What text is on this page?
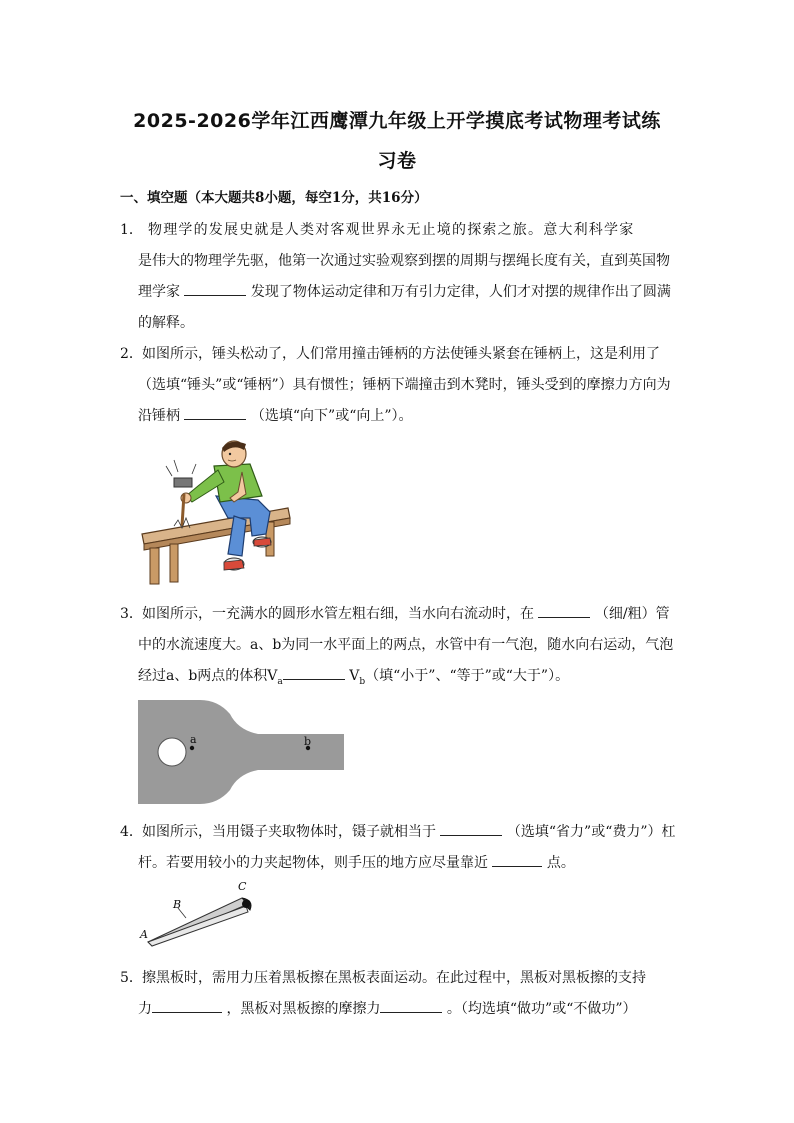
2025-2026学年江西鹰潭九年级上开学摸底考试物理考试练
习卷
一、填空题（本大题共8小题，每空1分，共16分）
1． 物理学的发展史就是人类对客观世界永无止境的探索之旅。意大利科学家
是伟大的物理学先驱，他第一次通过实验观察到摆的周期与摆绳长度有关，直到英国物
理学家	发现了物体运动定律和万有引力定律，人们才对摆的规律作出了圆满
的解释。
2． 如图所示，锤头松动了，人们常用撞击锤柄的方法使锤头紧套在锤柄上，这是利用了
（选填“锤头”或“锤柄”）具有惯性；锤柄下端撞击到木凳时，锤头受到的摩擦力方向为
沿锤柄	（选填“向下”或“向上”）。
3． 如图所示，一充满水的圆形水管左粗右细，当水向右流动时，在	（细/粗）管
中的水流速度大。a、b为同一水平面上的两点，水管中有一气泡，随水向右运动，气泡
经过a、b两点的体积$V_a$	$V_b$（填“小于”、“等于”或“大于”）。
a	b
4． 如图所示，当用镊子夹取物体时，镊子就相当于	（选填“省力”或“费力”）杠
杆。若要用较小的力夹起物体，则手压的地方应尽量靠近	点。
C
B
A
5． 擦黑板时，需用力压着黑板擦在黑板表面运动。在此过程中，黑板对黑板擦的支持
力	，黑板对黑板擦的摩擦力	。（均选填“做功”或“不做功”）
